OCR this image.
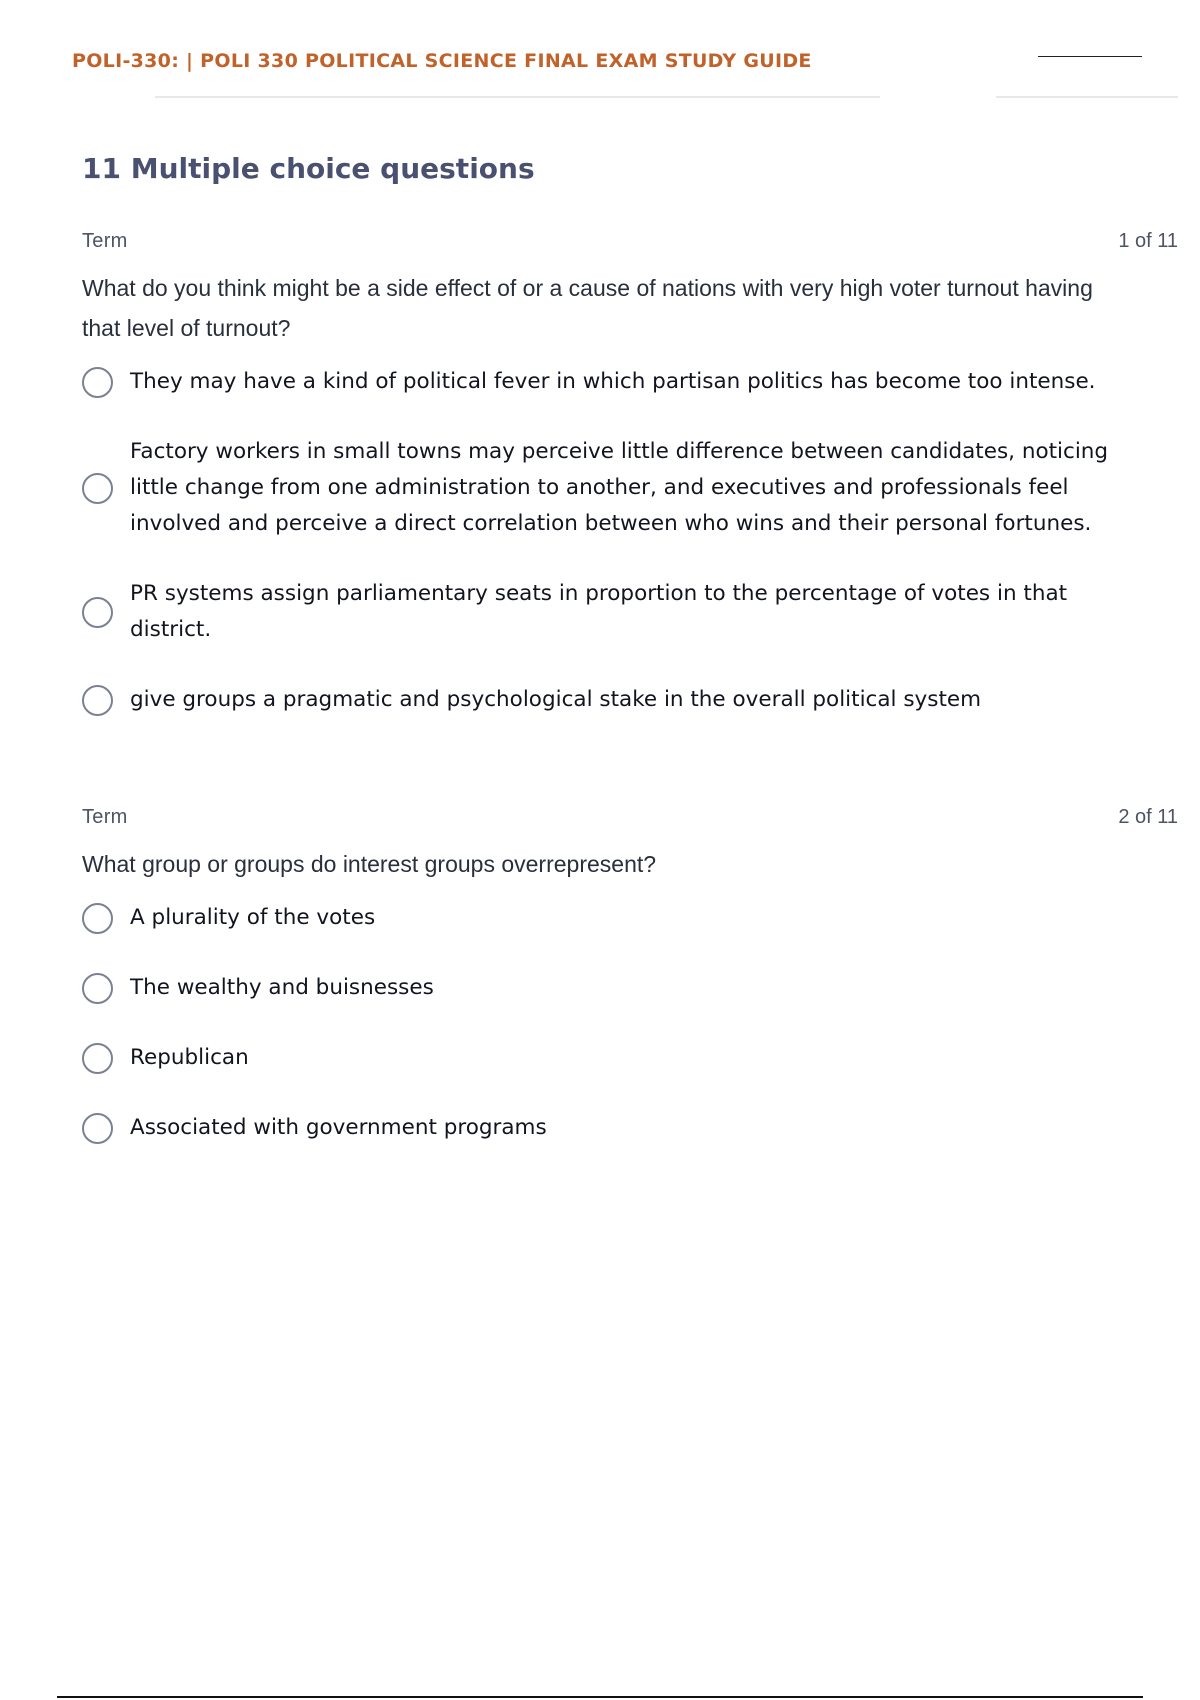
POLI-330: | POLI 330 POLITICAL SCIENCE FINAL EXAM STUDY GUIDE
11 Multiple choice questions
Term	1 of 11
What do you think might be a side effect of or a cause of nations with very high voter turnout having that level of turnout?
They may have a kind of political fever in which partisan politics has become too intense.
Factory workers in small towns may perceive little difference between candidates, noticing little change from one administration to another, and executives and professionals feel involved and perceive a direct correlation between who wins and their personal fortunes.
PR systems assign parliamentary seats in proportion to the percentage of votes in that district.
give groups a pragmatic and psychological stake in the overall political system
Term	2 of 11
What group or groups do interest groups overrepresent?
A plurality of the votes
The wealthy and buisnesses
Republican
Associated with government programs
